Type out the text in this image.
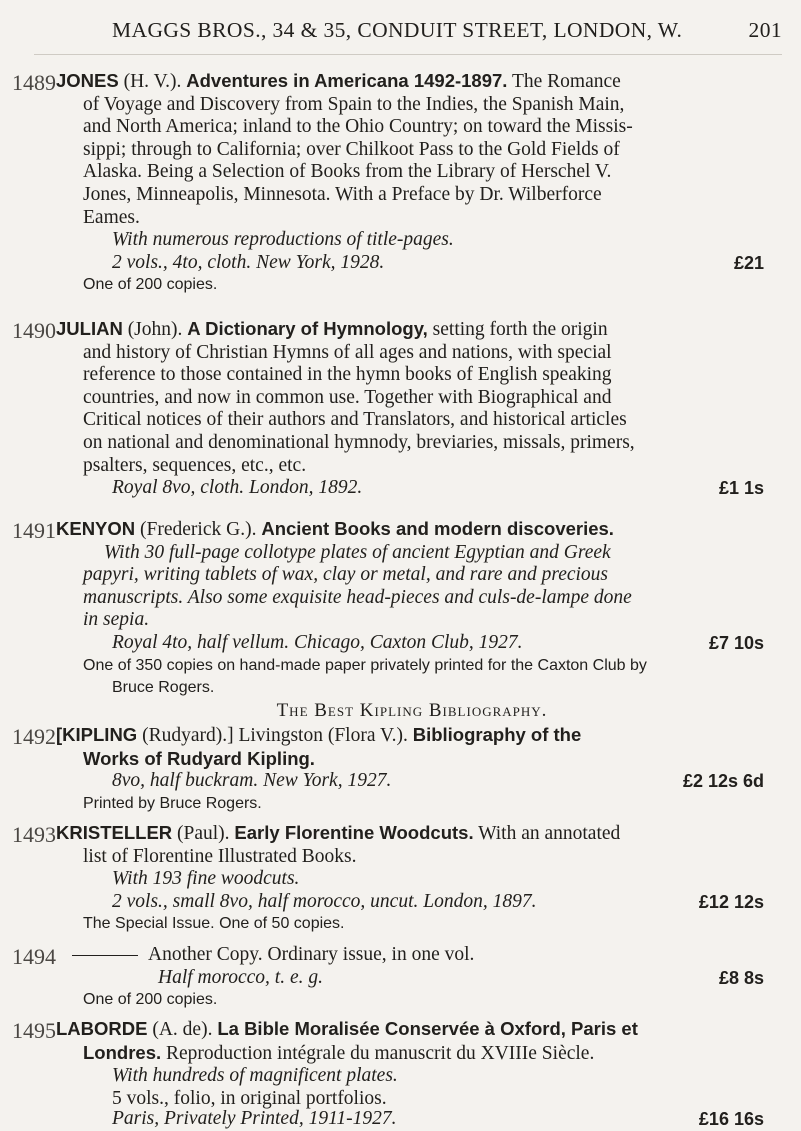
MAGGS BROS., 34 & 35, CONDUIT STREET, LONDON, W.	201
1489 JONES (H. V.). Adventures in Americana 1492-1897. The Romance
of Voyage and Discovery from Spain to the Indies, the Spanish Main,
and North America; inland to the Ohio Country; on toward the Missis-
sippi; through to California; over Chilkoot Pass to the Gold Fields of
Alaska. Being a Selection of Books from the Library of Herschel V.
Jones, Minneapolis, Minnesota. With a Preface by Dr. Wilberforce
Eames.
With numerous reproductions of title-pages.
2 vols., 4to, cloth. New York, 1928.	£21
One of 200 copies.
1490 JULIAN (John). A Dictionary of Hymnology, setting forth the origin
and history of Christian Hymns of all ages and nations, with special
reference to those contained in the hymn books of English speaking
countries, and now in common use. Together with Biographical and
Critical notices of their authors and Translators, and historical articles
on national and denominational hymnody, breviaries, missals, primers,
psalters, sequences, etc., etc.
Royal 8vo, cloth. London, 1892.	£1 1s
1491 KENYON (Frederick G.). Ancient Books and modern discoveries.
With 30 full-page collotype plates of ancient Egyptian and Greek
papyri, writing tablets of wax, clay or metal, and rare and precious
manuscripts. Also some exquisite head-pieces and culs-de-lampe done
in sepia.
Royal 4to, half vellum. Chicago, Caxton Club, 1927.	£7 10s
One of 350 copies on hand-made paper privately printed for the Caxton Club by
Bruce Rogers.
The Best Kipling Bibliography.
1492 [KIPLING (Rudyard).] Livingston (Flora V.). Bibliography of the
Works of Rudyard Kipling.
8vo, half buckram. New York, 1927.	£2 12s 6d
Printed by Bruce Rogers.
1493 KRISTELLER (Paul). Early Florentine Woodcuts. With an annotated
list of Florentine Illustrated Books.
With 193 fine woodcuts.
2 vols., small 8vo, half morocco, uncut. London, 1897.	£12 12s
The Special Issue. One of 50 copies.
1494	Another Copy. Ordinary issue, in one vol.
Half morocco, t. e. g.	£8 8s
One of 200 copies.
1495 LABORDE (A. de). La Bible Moralisée Conservée à Oxford, Paris et
Londres. Reproduction intégrale du manuscrit du XVIIIe Siècle.
With hundreds of magnificent plates.
5 vols., folio, in original portfolios.
Paris, Privately Printed, 1911-1927.	£16 16s
